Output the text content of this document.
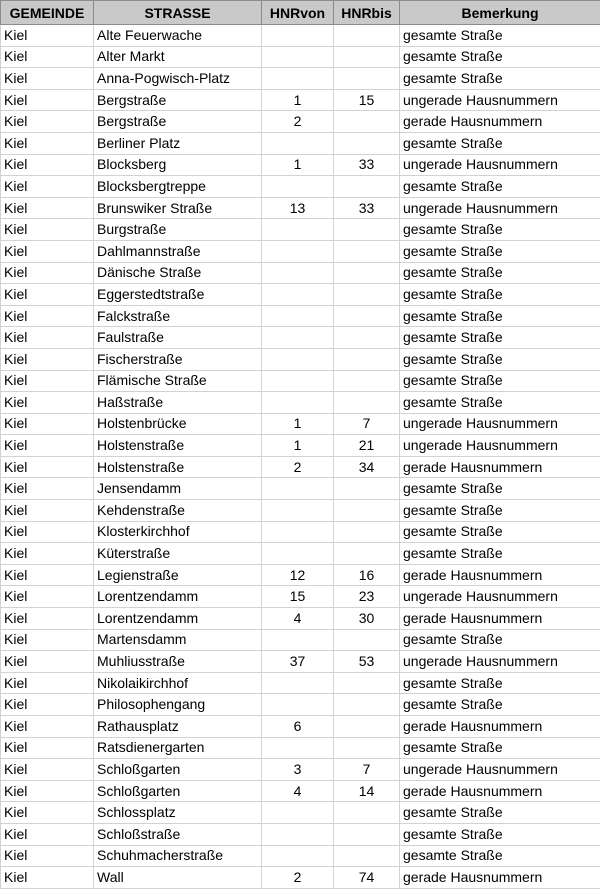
GEMEINDE	STRASSE	HNRvon	HNRbis	Bemerkung
Kiel	Alte Feuerwache			gesamte Straße
Kiel	Alter Markt			gesamte Straße
Kiel	Anna-Pogwisch-Platz			gesamte Straße
Kiel	Bergstraße	1	15	ungerade Hausnummern
Kiel	Bergstraße	2		gerade Hausnummern
Kiel	Berliner Platz			gesamte Straße
Kiel	Blocksberg	1	33	ungerade Hausnummern
Kiel	Blocksbergtreppe			gesamte Straße
Kiel	Brunswiker Straße	13	33	ungerade Hausnummern
Kiel	Burgstraße			gesamte Straße
Kiel	Dahlmannstraße			gesamte Straße
Kiel	Dänische Straße			gesamte Straße
Kiel	Eggerstedtstraße			gesamte Straße
Kiel	Falckstraße			gesamte Straße
Kiel	Faulstraße			gesamte Straße
Kiel	Fischerstraße			gesamte Straße
Kiel	Flämische Straße			gesamte Straße
Kiel	Haßstraße			gesamte Straße
Kiel	Holstenbrücke	1	7	ungerade Hausnummern
Kiel	Holstenstraße	1	21	ungerade Hausnummern
Kiel	Holstenstraße	2	34	gerade Hausnummern
Kiel	Jensendamm			gesamte Straße
Kiel	Kehdenstraße			gesamte Straße
Kiel	Klosterkirchhof			gesamte Straße
Kiel	Küterstraße			gesamte Straße
Kiel	Legienstraße	12	16	gerade Hausnummern
Kiel	Lorentzendamm	15	23	ungerade Hausnummern
Kiel	Lorentzendamm	4	30	gerade Hausnummern
Kiel	Martensdamm			gesamte Straße
Kiel	Muhliusstraße	37	53	ungerade Hausnummern
Kiel	Nikolaikirchhof			gesamte Straße
Kiel	Philosophengang			gesamte Straße
Kiel	Rathausplatz	6		gerade Hausnummern
Kiel	Ratsdienergarten			gesamte Straße
Kiel	Schloßgarten	3	7	ungerade Hausnummern
Kiel	Schloßgarten	4	14	gerade Hausnummern
Kiel	Schlossplatz			gesamte Straße
Kiel	Schloßstraße			gesamte Straße
Kiel	Schuhmacherstraße			gesamte Straße
Kiel	Wall	2	74	gerade Hausnummern
